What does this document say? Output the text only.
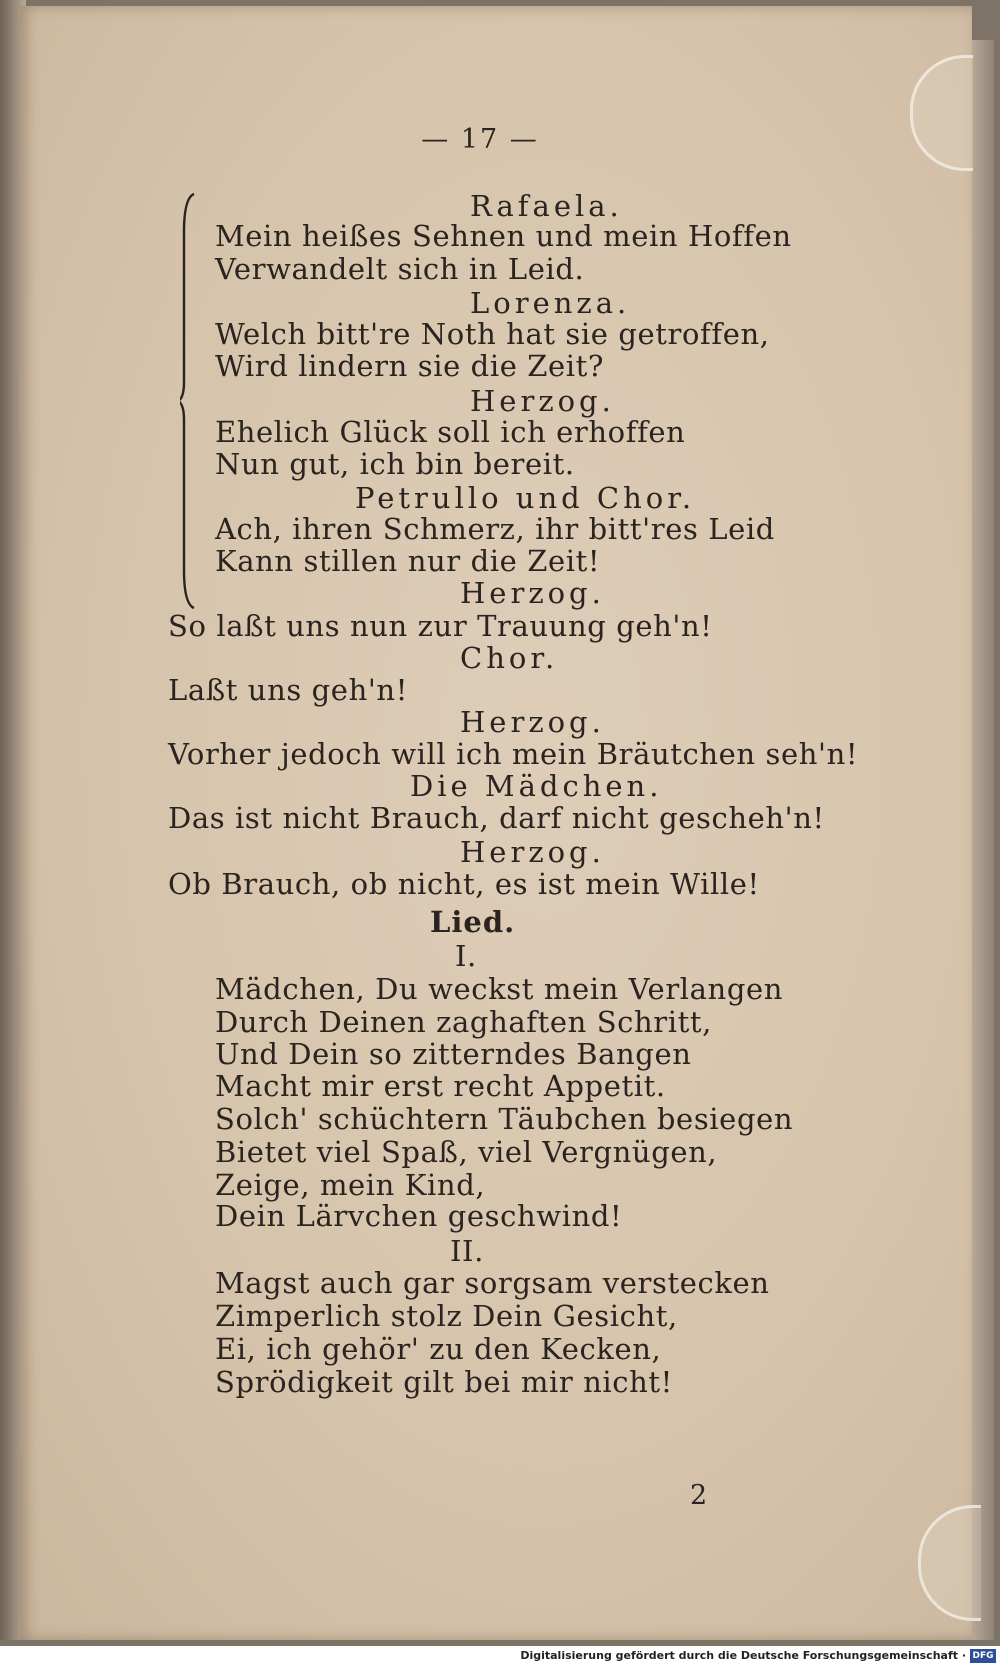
— 17 —
Rafaela.
Mein heißes Sehnen und mein Hoffen
Verwandelt sich in Leid.
Lorenza.
Welch bitt're Noth hat sie getroffen,
Wird lindern sie die Zeit?
Herzog.
Ehelich Glück soll ich erhoffen
Nun gut, ich bin bereit.
Petrullo und Chor.
Ach, ihren Schmerz, ihr bitt'res Leid
Kann stillen nur die Zeit!
Herzog.
So laßt uns nun zur Trauung geh'n!
Chor.
Laßt uns geh'n!
Herzog.
Vorher jedoch will ich mein Bräutchen seh'n!
Die Mädchen.
Das ist nicht Brauch, darf nicht gescheh'n!
Herzog.
Ob Brauch, ob nicht, es ist mein Wille!
Lied.
I.
Mädchen, Du weckst mein Verlangen
Durch Deinen zaghaften Schritt,
Und Dein so zitterndes Bangen
Macht mir erst recht Appetit.
Solch' schüchtern Täubchen besiegen
Bietet viel Spaß, viel Vergnügen,
Zeige, mein Kind,
Dein Lärvchen geschwind!
II.
Magst auch gar sorgsam verstecken
Zimperlich stolz Dein Gesicht,
Ei, ich gehör' zu den Kecken,
Sprödigkeit gilt bei mir nicht!
2
Digitalisierung gefördert durch die Deutsche Forschungsgemeinschaft · DFG
